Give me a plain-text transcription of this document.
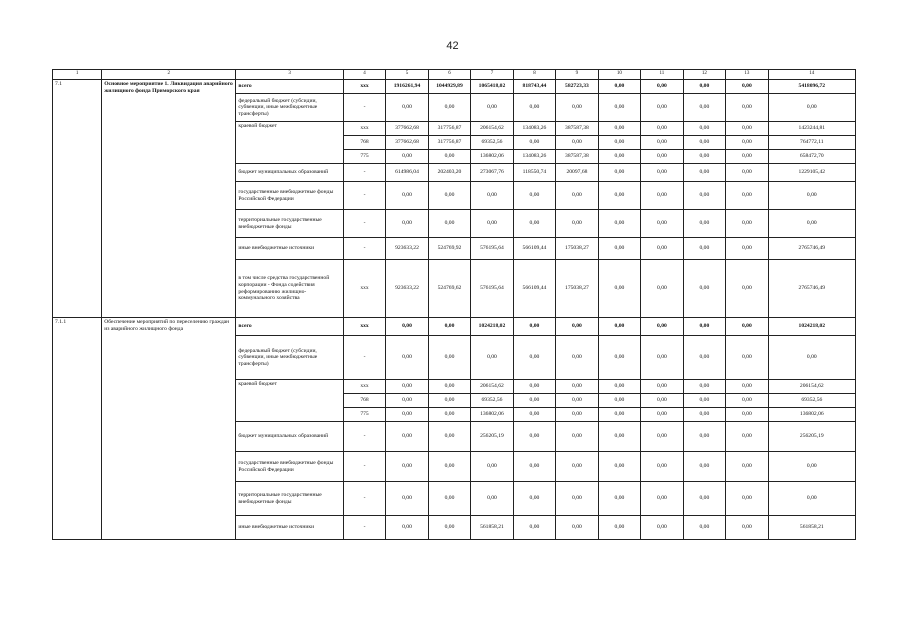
42
1	2	3	4	5	6	7	8	9	10	11	12	13	14
7.1	Основное мероприятие 1. Ликвидация аварийного жилищного фонда Приморского края	всего	xxx	1916261,94	1044929,89	1065418,02	818743,44	582723,33	0,00	0,00	0,00	0,00	5418096,72
		федеральный бюджет (субсидии, субвенции, иные межбюджетные трансферты)	-	0,00	0,00	0,00	0,00	0,00	0,00	0,00	0,00	0,00	0,00
		краевой бюджет	xxx	377662,68	317756,87	206154,62	134083,26	387587,38	0,00	0,00	0,00	0,00	1423244,81
			768	377662,68	317756,87	69352,56	0,00	0,00	0,00	0,00	0,00	0,00	764772,11
			775	0,00	0,00	136802,06	134083,26	387587,38	0,00	0,00	0,00	0,00	658472,70
		бюджет муниципальных образований	-	614986,04	202403,20	273067,76	118550,74	20097,68	0,00	0,00	0,00	0,00	1229105,42
		государственные внебюджетные фонды Российской Федерации	-	0,00	0,00	0,00	0,00	0,00	0,00	0,00	0,00	0,00	0,00
		территориальные государственные внебюджетные фонды	-	0,00	0,00	0,00	0,00	0,00	0,00	0,00	0,00	0,00	0,00
		иные внебюджетные источники	-	923633,22	524769,92	576195,64	566109,44	175038,27	0,00	0,00	0,00	0,00	2765746,49
		в том числе средства государственной корпорации - Фонда содействия реформированию жилищно-коммунального хозяйства	xxx	923633,22	524769,62	576195,64	566109,44	175038,27	0,00	0,00	0,00	0,00	2765746,49
7.1.1	Обеспечение мероприятий по переселению граждан из аварийного жилищного фонда	всего	xxx	0,00	0,00	1024218,02	0,00	0,00	0,00	0,00	0,00	0,00	1024218,02
		федеральный бюджет (субсидии, субвенции, иные межбюджетные трансферты)	-	0,00	0,00	0,00	0,00	0,00	0,00	0,00	0,00	0,00	0,00
		краевой бюджет	xxx	0,00	0,00	206154,62	0,00	0,00	0,00	0,00	0,00	0,00	206154,62
			768	0,00	0,00	69352,56	0,00	0,00	0,00	0,00	0,00	0,00	69352,56
			775	0,00	0,00	136802,06	0,00	0,00	0,00	0,00	0,00	0,00	136802,06
		бюджет муниципальных образований	-	0,00	0,00	256205,19	0,00	0,00	0,00	0,00	0,00	0,00	256205,19
		государственные внебюджетные фонды Российской Федерации	-	0,00	0,00	0,00	0,00	0,00	0,00	0,00	0,00	0,00	0,00
		территориальные государственные внебюджетные фонды	-	0,00	0,00	0,00	0,00	0,00	0,00	0,00	0,00	0,00	0,00
		иные внебюджетные источники	-	0,00	0,00	561858,21	0,00	0,00	0,00	0,00	0,00	0,00	561858,21
